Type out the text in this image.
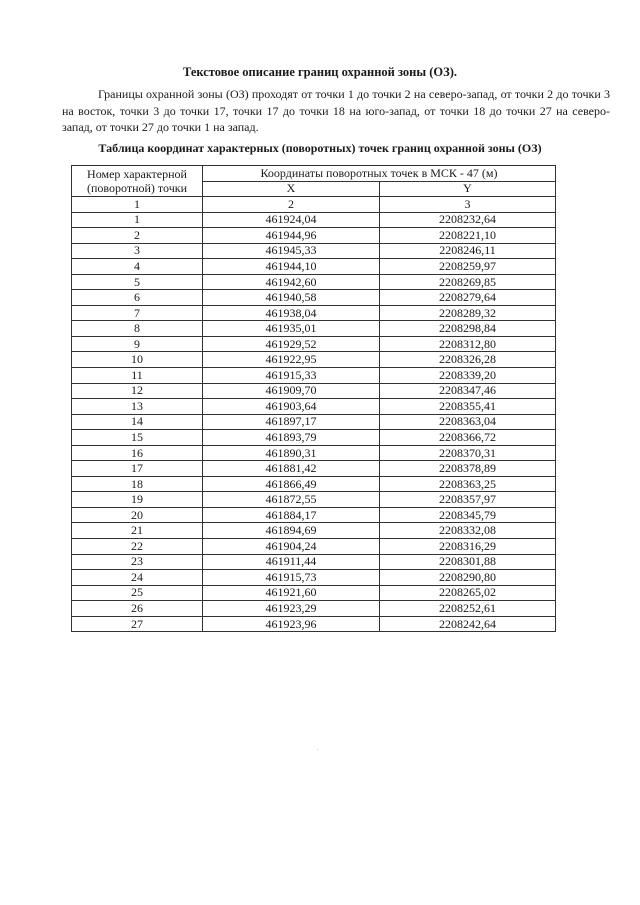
Текстовое описание границ охранной зоны (ОЗ).

Границы охранной зоны (ОЗ) проходят от точки 1 до точки 2 на северо-запад, от точки 2 до точки 3 на восток, точки 3 до точки 17, точки 17 до точки 18 на юго-запад, от точки 18 до точки 27 на северо-запад, от точки 27 до точки 1 на запад.

Таблица координат характерных (поворотных) точек границ охранной зоны (ОЗ)
Номер характерной (поворотной) точки	Координаты поворотных точек в МСК - 47 (м)	
	X	Y
1	2	3
1	461924,04	2208232,64
2	461944,96	2208221,10
3	461945,33	2208246,11
4	461944,10	2208259,97
5	461942,60	2208269,85
6	461940,58	2208279,64
7	461938,04	2208289,32
8	461935,01	2208298,84
9	461929,52	2208312,80
10	461922,95	2208326,28
11	461915,33	2208339,20
12	461909,70	2208347,46
13	461903,64	2208355,41
14	461897,17	2208363,04
15	461893,79	2208366,72
16	461890,31	2208370,31
17	461881,42	2208378,89
18	461866,49	2208363,25
19	461872,55	2208357,97
20	461884,17	2208345,79
21	461894,69	2208332,08
22	461904,24	2208316,29
23	461911,44	2208301,88
24	461915,73	2208290,80
25	461921,60	2208265,02
26	461923,29	2208252,61
27	461923,96	2208242,64
